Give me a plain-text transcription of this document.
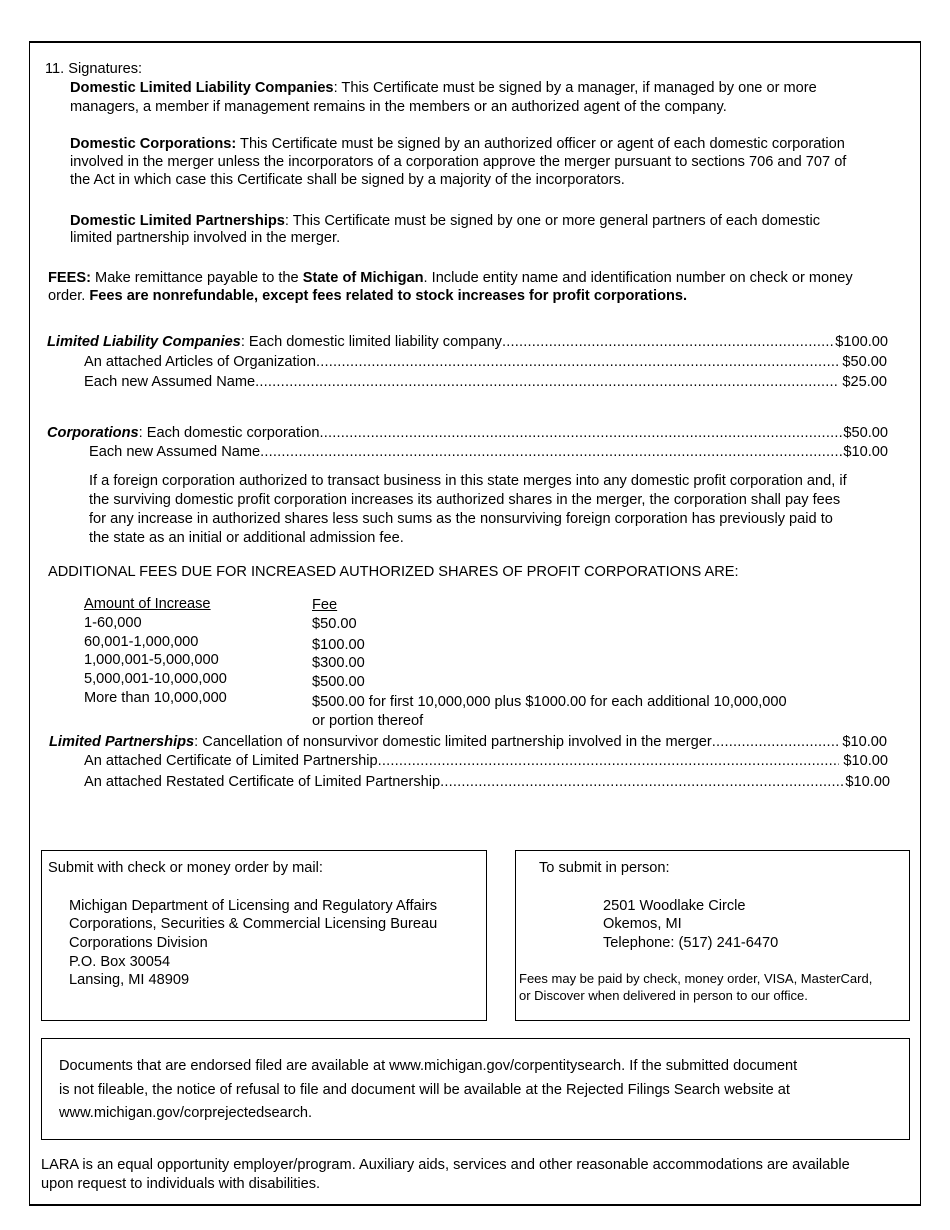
11. Signatures:
Domestic Limited Liability Companies: This Certificate must be signed by a manager, if managed by one or more
managers, a member if management remains in the members or an authorized agent of the company.
Domestic Corporations: This Certificate must be signed by an authorized officer or agent of each domestic corporation
involved in the merger unless the incorporators of a corporation approve the merger pursuant to sections 706 and 707 of
the Act in which case this Certificate shall be signed by a majority of the incorporators.
Domestic Limited Partnerships: This Certificate must be signed by one or more general partners of each domestic
limited partnership involved in the merger.
FEES: Make remittance payable to the State of Michigan. Include entity name and identification number on check or money
order. Fees are nonrefundable, except fees related to stock increases for profit corporations.
Limited Liability Companies: Each domestic limited liability company .....	$100.00
An attached Articles of Organization .....	$50.00
Each new Assumed Name .....	$25.00
Corporations: Each domestic corporation .....	$50.00
Each new Assumed Name .....	$10.00
If a foreign corporation authorized to transact business in this state merges into any domestic profit corporation and, if
the surviving domestic profit corporation increases its authorized shares in the merger, the corporation shall pay fees
for any increase in authorized shares less such sums as the nonsurviving foreign corporation has previously paid to
the state as an initial or additional admission fee.
ADDITIONAL FEES DUE FOR INCREASED AUTHORIZED SHARES OF PROFIT CORPORATIONS ARE:
Amount of Increase	Fee
1-60,000	$50.00
60,001-1,000,000	$100.00
1,000,001-5,000,000	$300.00
5,000,001-10,000,000	$500.00
More than 10,000,000	$500.00 for first 10,000,000 plus $1000.00 for each additional 10,000,000
or portion thereof
Limited Partnerships: Cancellation of nonsurvivor domestic limited partnership involved in the merger .....	$10.00
An attached Certificate of Limited Partnership .....	$10.00
An attached Restated Certificate of Limited Partnership .....	$10.00
Submit with check or money order by mail:
Michigan Department of Licensing and Regulatory Affairs
Corporations, Securities & Commercial Licensing Bureau
Corporations Division
P.O. Box 30054
Lansing, MI 48909
To submit in person:
2501 Woodlake Circle
Okemos, MI
Telephone: (517) 241-6470
Fees may be paid by check, money order, VISA, MasterCard,
or Discover when delivered in person to our office.
Documents that are endorsed filed are available at www.michigan.gov/corpentitysearch. If the submitted document
is not fileable, the notice of refusal to file and document will be available at the Rejected Filings Search website at
www.michigan.gov/corprejectedsearch.
LARA is an equal opportunity employer/program. Auxiliary aids, services and other reasonable accommodations are available
upon request to individuals with disabilities.
